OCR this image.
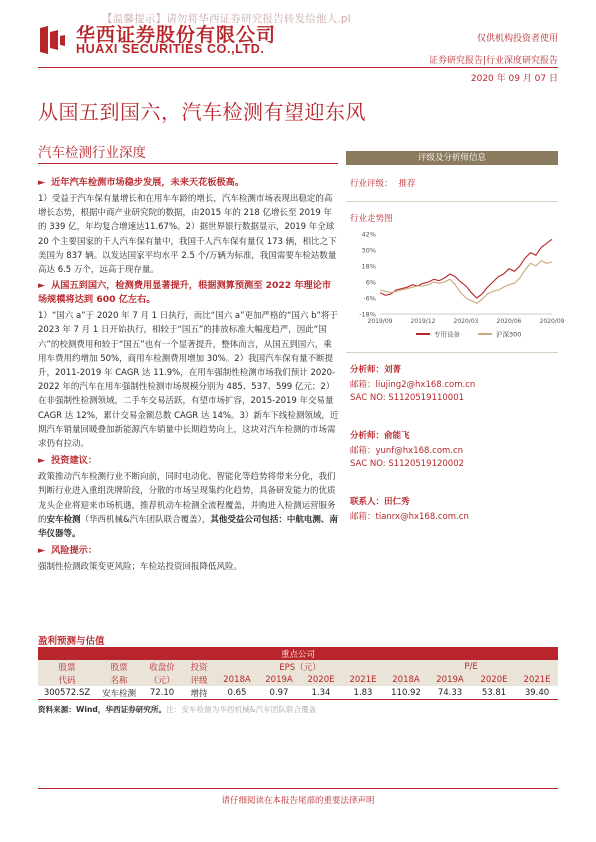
【温馨提示】请勿将华西证券研究报告转发给他人.pl
华西证券股份有限公司
HUAXI SECURITIES CO.,LTD.
仅供机构投资者使用
证券研究报告|行业深度研究报告
2020 年 09 月 07 日
从国五到国六，汽车检测有望迎东风
汽车检测行业深度
► 近年汽车检测市场稳步发展，未来天花板极高。

1）受益于汽车保有量增长和在用车车龄的增长，汽车检测市场表现出稳定的高增长态势，根据中商产业研究院的数据，由2015 年的 218 亿增长至 2019 年的 339 亿，年均复合增速达11.67%。2）据世界银行数据显示，2019 年全球 20 个主要国家的千人汽车保有量中，我国千人汽车保有量仅 173 辆，相比之下美国为 837 辆。以发达国家平均水平 2.5 个/万辆为标准，我国需要车检站数量高达 6.5 万个，远高于现存量。

► 从国五到国六，检测费用显著提升，根据测算预测至 2022 年理论市场规模将达到 600 亿左右。

1）“国六 a”于 2020 年 7 月 1 日执行，而比“国六 a”更加严格的“国六 b”将于 2023 年 7 月 1 日开始执行，相较于“国五”的排放标准大幅度趋严，因此“国六”的校测费用和较于“国五”也有一个显著提升，整体而言，从国五到国六，乘用车费用约增加 50%，商用车检测费用增加 30%。2）我国汽车保有量不断提升，2011-2019 年 CAGR 达 11.9%，在用车强制性检测市场我们预计 2020-2022 年的汽车在用车强制性检测市场规模分别为 485、537、599 亿元；2）在非强制性检测领域，二手车交易活跃，有望市场扩容，2015-2019 年交易量 CAGR 达 12%，累计交易金额总数 CAGR 达 14%。3）新车下线检测领域，近期汽车销量回暖叠加新能源汽车销量中长期趋势向上，这块对汽车检测的市场需求仍有拉动。

► 投资建议：

政策推动汽车检测行业不断向前，同时电动化、智能化等趋势将带来分化，我们判断行业进入重组洗牌阶段，分散的市场呈现集约化趋势，具备研发能力的优质龙头企业将迎来市场机遇，推荐机动车检测全流程覆盖，并购进入检测运营服务的安车检测（华西机械&汽车团队联合覆盖），其他受益公司包括：中航电测、南华仪器等。

► 风险提示：

强制性检测政策变更风险；车检站投资回报降低风险。

评级及分析师信息
行业评级： 推荐
行业走势图
42%
30%
18%
6%
-6%
-18%
2019/09	2019/12	2020/03	2020/06	2020/09
专用设备	沪深300
分析师：刘菁
邮箱：liujing2@hx168.com.cn
SAC NO: S1120519110001
分析师：俞能飞
邮箱：yunf@hx168.com.cn
SAC NO: S1120519120002
联系人：田仁秀
邮箱：tianrx@hx168.com.cn
盈利预测与估值
重点公司											
股票	股票	收盘价	投资	EPS（元）				P/E			
代码	名称	（元）	评级	2018A	2019A	2020E	2021E	2018A	2019A	2020E	2021E
300572.SZ	安车检测	72.10	增持	0.65	0.97	1.34	1.83	110.92	74.33	53.81	39.40
资料来源：Wind，华西证券研究所。注：安车检测为华西机械&汽车团队联合覆盖
请仔细阅读在本报告尾部的重要法律声明
